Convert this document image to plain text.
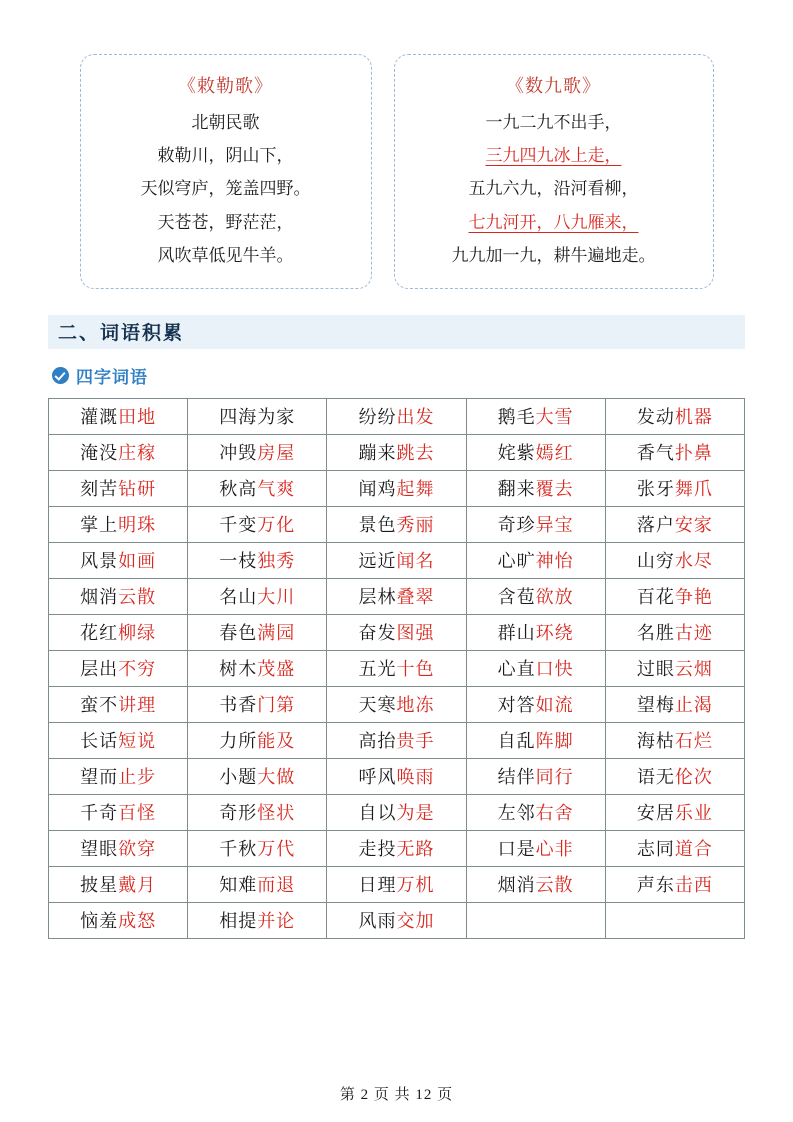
《敕勒歌》
北朝民歌
敕勒川，阴山下，
天似穹庐，笼盖四野。
天苍苍，野茫茫，
风吹草低见牛羊。
《数九歌》
一九二九不出手，
三九四九冰上走，
五九六九，沿河看柳，
七九河开，八九雁来，
九九加一九，耕牛遍地走。
二、词语积累
四字词语
灌溉田地	四海为家	纷纷出发	鹅毛大雪	发动机器
淹没庄稼	冲毁房屋	蹦来跳去	姹紫嫣红	香气扑鼻
刻苦钻研	秋高气爽	闻鸡起舞	翻来覆去	张牙舞爪
掌上明珠	千变万化	景色秀丽	奇珍异宝	落户安家
风景如画	一枝独秀	远近闻名	心旷神怡	山穷水尽
烟消云散	名山大川	层林叠翠	含苞欲放	百花争艳
花红柳绿	春色满园	奋发图强	群山环绕	名胜古迹
层出不穷	树木茂盛	五光十色	心直口快	过眼云烟
蛮不讲理	书香门第	天寒地冻	对答如流	望梅止渴
长话短说	力所能及	高抬贵手	自乱阵脚	海枯石烂
望而止步	小题大做	呼风唤雨	结伴同行	语无伦次
千奇百怪	奇形怪状	自以为是	左邻右舍	安居乐业
望眼欲穿	千秋万代	走投无路	口是心非	志同道合
披星戴月	知难而退	日理万机	烟消云散	声东击西
恼羞成怒	相提并论	风雨交加		
第 2 页 共 12 页
